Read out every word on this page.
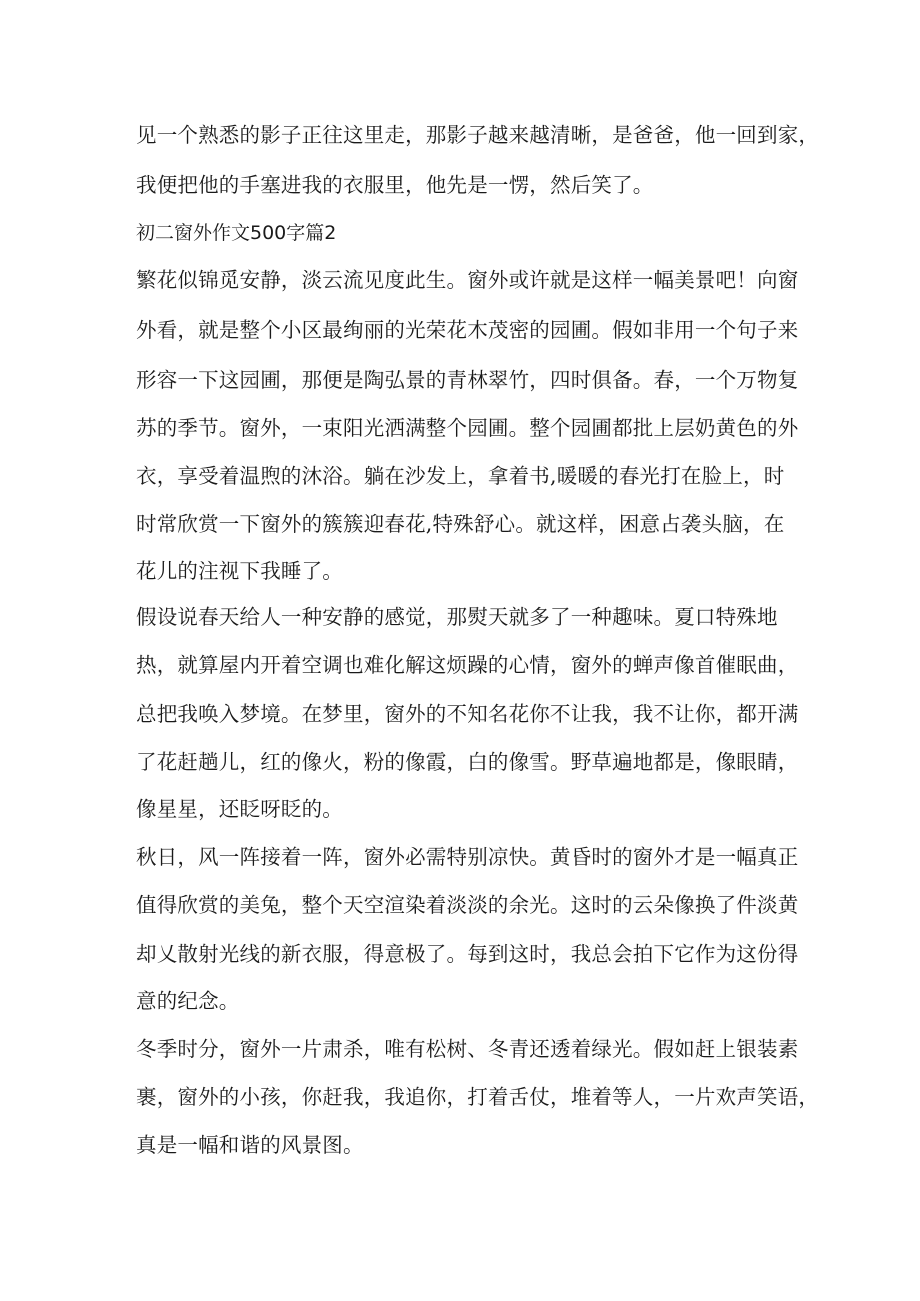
见一个熟悉的影子正往这里走，那影子越来越清晰，是爸爸，他一回到家，
我便把他的手塞进我的衣服里，他先是一愣，然后笑了。
初二窗外作文500字篇2
繁花似锦觅安静，淡云流见度此生。窗外或许就是这样一幅美景吧！向窗
外看，就是整个小区最绚丽的光荣花木茂密的园圃。假如非用一个句子来
形容一下这园圃，那便是陶弘景的青林翠竹，四时俱备。春，一个万物复
苏的季节。窗外，一束阳光洒满整个园圃。整个园圃都批上层奶黄色的外
衣，享受着温煦的沐浴。躺在沙发上，拿着书,暖暖的春光打在脸上，时
时常欣赏一下窗外的簇簇迎春花,特殊舒心。就这样，困意占袭头脑，在
花儿的注视下我睡了。
假设说春天给人一种安静的感觉，那熨天就多了一种趣味。夏口特殊地
热，就算屋内开着空调也难化解这烦躁的心情，窗外的蝉声像首催眠曲，
总把我唤入梦境。在梦里，窗外的不知名花你不让我，我不让你，都开满
了花赶趟儿，红的像火，粉的像霞，白的像雪。野草遍地都是，像眼睛，
像星星，还眨呀眨的。
秋日，风一阵接着一阵，窗外必需特别凉快。黄昏时的窗外才是一幅真正
值得欣赏的美兔，整个天空渲染着淡淡的余光。这时的云朵像换了件淡黄
却乂散射光线的新衣服，得意极了。每到这时，我总会拍下它作为这份得
意的纪念。
冬季时分，窗外一片肃杀，唯有松树、冬青还透着绿光。假如赶上银装素
裹，窗外的小孩，你赶我，我追你，打着舌仗，堆着等人，一片欢声笑语，
真是一幅和谐的风景图。
